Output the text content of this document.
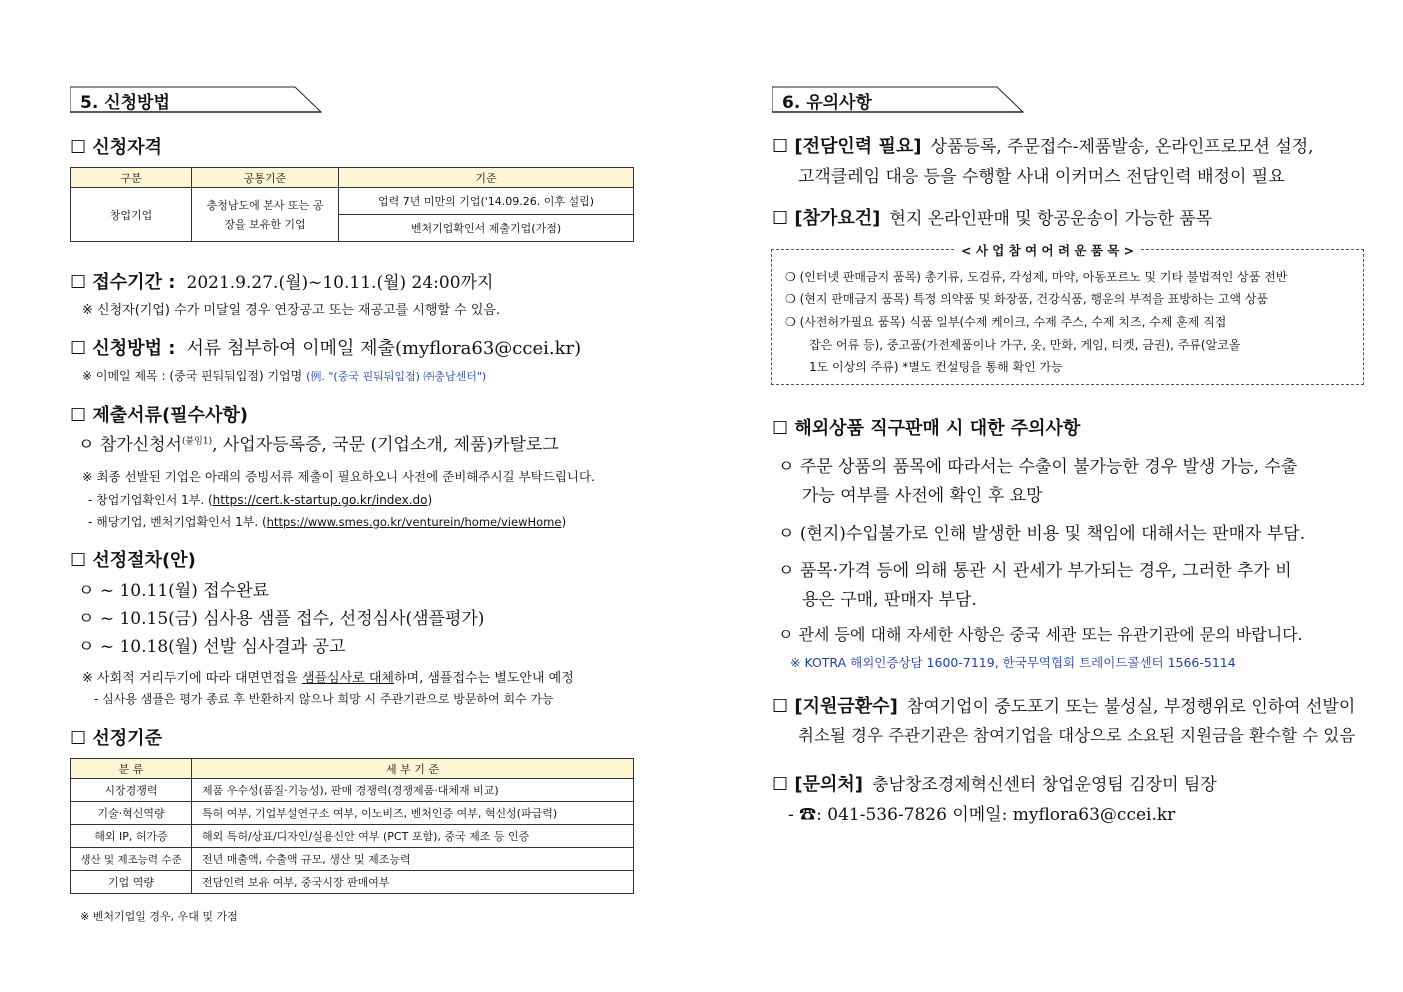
5. 신청방법
☐ 신청자격
구분	공통기준	기준
창업기업	충청남도에 본사 또는 공장을 보유한 기업	업력 7년 미만의 기업('14.09.26. 이후 설립)
		벤처기업확인서 제출기업(가점)
☐ 접수기간 : 2021.9.27.(월)~10.11.(월) 24:00까지
※ 신청자(기업) 수가 미달일 경우 연장공고 또는 재공고를 시행할 수 있음.
☐ 신청방법 : 서류 첨부하여 이메일 제출(myflora63@ccei.kr)
※ 이메일 제목 : (중국 핀둬둬입점) 기업명 (例. "(중국 핀둬둬입점) ㈜충남센터")
☐ 제출서류(필수사항)
ㅇ 참가신청서$^{(붙임1)}$, 사업자등록증, 국문 (기업소개, 제품)카탈로그
※ 최종 선발된 기업은 아래의 증빙서류 제출이 필요하오니 사전에 준비해주시길 부탁드립니다.
- 창업기업확인서 1부. (https://cert.k-startup.go.kr/index.do)
- 해당기업, 벤처기업확인서 1부. (https://www.smes.go.kr/venturein/home/viewHome)
☐ 선정절차(안)
ㅇ ~ 10.11(월) 접수완료
ㅇ ~ 10.15(금) 심사용 샘플 접수, 선정심사(샘플평가)
ㅇ ~ 10.18(월) 선발 심사결과 공고
※ 사회적 거리두기에 따라 대면면접을 샘플심사로 대체하며, 샘플접수는 별도안내 예정
- 심사용 샘플은 평가 종료 후 반환하지 않으나 희망 시 주관기관으로 방문하여 회수 가능
☐ 선정기준
분 류	세 부 기 준
시장경쟁력	제품 우수성(품질·기능성), 판매 경쟁력(경쟁제품·대체재 비교)
기술·혁신역량	특허 여부, 기업부설연구소 여부, 이노비즈, 벤처인증 여부, 혁신성(파급력)
해외 IP, 허가증	해외 특허/상표/디자인/실용신안 여부 (PCT 포함), 중국 제조 등 인증
생산 및 제조능력 수준	전년 매출액, 수출액 규모, 생산 및 제조능력
기업 역량	전담인력 보유 여부, 중국시장 판매여부
※ 벤처기업일 경우, 우대 및 가점
6. 유의사항
☐ [전담인력 필요] 상품등록, 주문접수-제품발송, 온라인프로모션 설정,
고객클레임 대응 등을 수행할 사내 이커머스 전담인력 배정이 필요
☐ [참가요건] 현지 온라인판매 및 항공운송이 가능한 품목
< 사 업 참 여 어 려 운 품 목 >
❍ (인터넷 판매금지 품목) 총기류, 도검류, 각성제, 마약, 아동포르노 및 기타 불법적인 상품 전반
❍ (현지 판매금지 품목) 특정 의약품 및 화장품, 건강식품, 행운의 부적을 표방하는 고액 상품
❍ (사전허가필요 품목) 식품 일부(수제 케이크, 수제 주스, 수제 치즈, 수제 훈제 직접
잡은 어류 등), 중고품(가전제품이나 가구, 옷, 만화, 게임, 티켓, 금권), 주류(알코올
1도 이상의 주류) *별도 컨설팅을 통해 확인 가능
☐ 해외상품 직구판매 시 대한 주의사항
ㅇ 주문 상품의 품목에 따라서는 수출이 불가능한 경우 발생 가능, 수출
가능 여부를 사전에 확인 후 요망
ㅇ (현지)수입불가로 인해 발생한 비용 및 책임에 대해서는 판매자 부담.
ㅇ 품목·가격 등에 의해 통관 시 관세가 부가되는 경우, 그러한 추가 비
용은 구매, 판매자 부담.
ㅇ 관세 등에 대해 자세한 사항은 중국 세관 또는 유관기관에 문의 바랍니다.
※ KOTRA 해외인증상담 1600-7119, 한국무역협회 트레이드콜센터 1566-5114
☐ [지원금환수] 참여기업이 중도포기 또는 불성실, 부정행위로 인하여 선발이
취소될 경우 주관기관은 참여기업을 대상으로 소요된 지원금을 환수할 수 있음
☐ [문의처] 충남창조경제혁신센터 창업운영팀 김장미 팀장
- ☎: 041-536-7826 이메일: myflora63@ccei.kr
